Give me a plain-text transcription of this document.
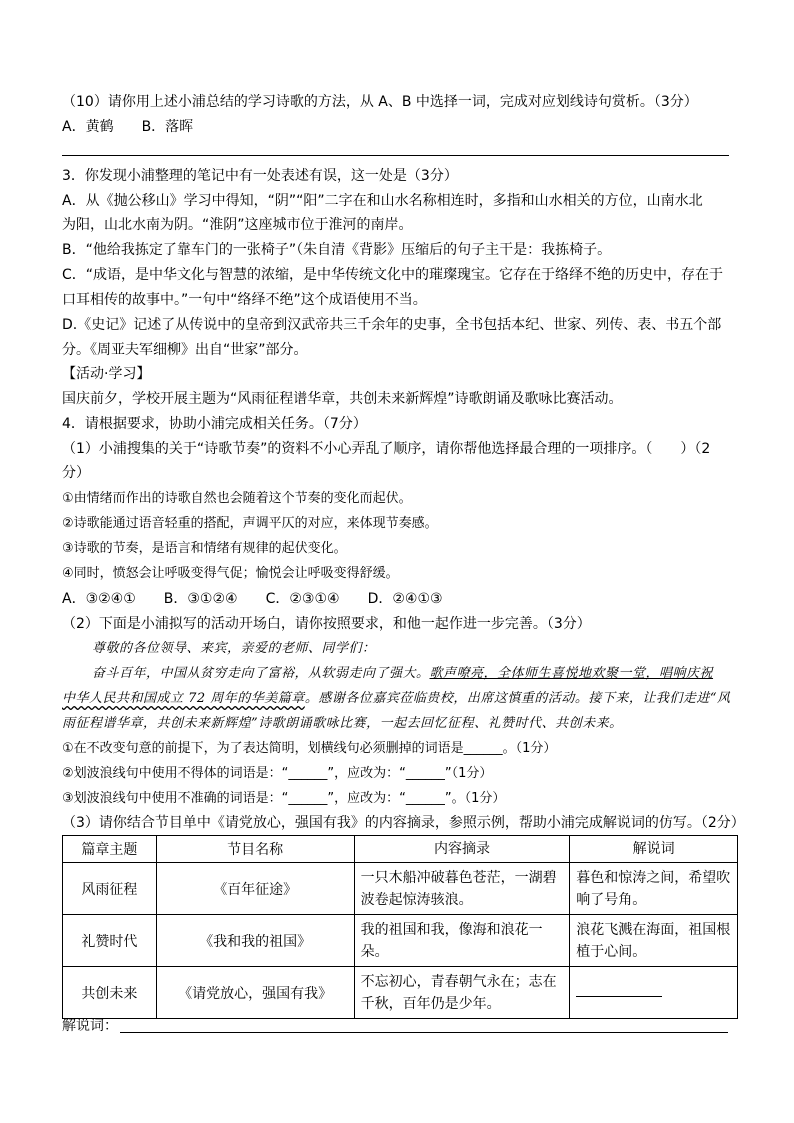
（10）请你用上述小浦总结的学习诗歌的方法，从 A、B 中选择一词，完成对应划线诗句赏析。（3分）
A．黄鹤　　B．落晖
3．你发现小浦整理的笔记中有一处表述有误，这一处是（3分）
A．从《抛公移山》学习中得知，“阴”“阳”二字在和山水名称相连时，多指和山水相关的方位，山南水北
为阳，山北水南为阴。“淮阴”这座城市位于淮河的南岸。
B．“他给我拣定了靠车门的一张椅子”（朱自清《背影》压缩后的句子主干是：我拣椅子。
C．“成语，是中华文化与智慧的浓缩，是中华传统文化中的璀璨瑰宝。它存在于络绎不绝的历史中，存在于
口耳相传的故事中。”一句中“络绎不绝”这个成语使用不当。
D.《史记》记述了从传说中的皇帝到汉武帝共三千余年的史事，全书包括本纪、世家、列传、表、书五个部
分。《周亚夫军细柳》出自“世家”部分。
【活动·学习】
国庆前夕，学校开展主题为“风雨征程谱华章，共创未来新辉煌”诗歌朗诵及歌咏比赛活动。
4．请根据要求，协助小浦完成相关任务。（7分）
（1）小浦搜集的关于“诗歌节奏”的资料不小心弄乱了顺序，请你帮他选择最合理的一项排序。（　　）（2
分）
①由情绪而作出的诗歌自然也会随着这个节奏的变化而起伏。
②诗歌能通过语音轻重的搭配，声调平仄的对应，来体现节奏感。
③诗歌的节奏，是语言和情绪有规律的起伏变化。
④同时，愤怒会让呼吸变得气促；愉悦会让呼吸变得舒缓。
A．③②④①　　B．③①②④　　C．②③①④　　D．②④①③
（2）下面是小浦拟写的活动开场白，请你按照要求，和他一起作进一步完善。（3分）
尊敬的各位领导、来宾，亲爱的老师、同学们：
奋斗百年，中国从贫穷走向了富裕，从软弱走向了强大。歌声嘹亮，全体师生喜悦地欢聚一堂，唱响庆祝
中华人民共和国成立 72 周年的华美篇章。感谢各位嘉宾莅临贵校，出席这慎重的活动。接下来，让我们走进“风
雨征程谱华章，共创未来新辉煌”诗歌朗诵歌咏比赛，一起去回忆征程、礼赞时代、共创未来。
①在不改变句意的前提下，为了表达简明，划横线句必须删掉的词语是______。（1分）
②划波浪线句中使用不得体的词语是：“______”，应改为：“______”（1分）
③划波浪线句中使用不准确的词语是：“______”，应改为：“______”。（1分）
（3）请你结合节目单中《请党放心，强国有我》的内容摘录，参照示例，帮助小浦完成解说词的仿写。（2分）
篇章主题	节目名称	内容摘录	解说词
风雨征程	《百年征途》	一只木船冲破暮色苍茫，一湖碧波卷起惊涛骇浪。	暮色和惊涛之间，希望吹响了号角。
礼赞时代	《我和我的祖国》	我的祖国和我，像海和浪花一朵。	浪花飞溅在海面，祖国根植于心间。
共创未来	《请党放心，强国有我》	不忘初心，青春朝气永在；志在千秋，百年仍是少年。	
解说词：
